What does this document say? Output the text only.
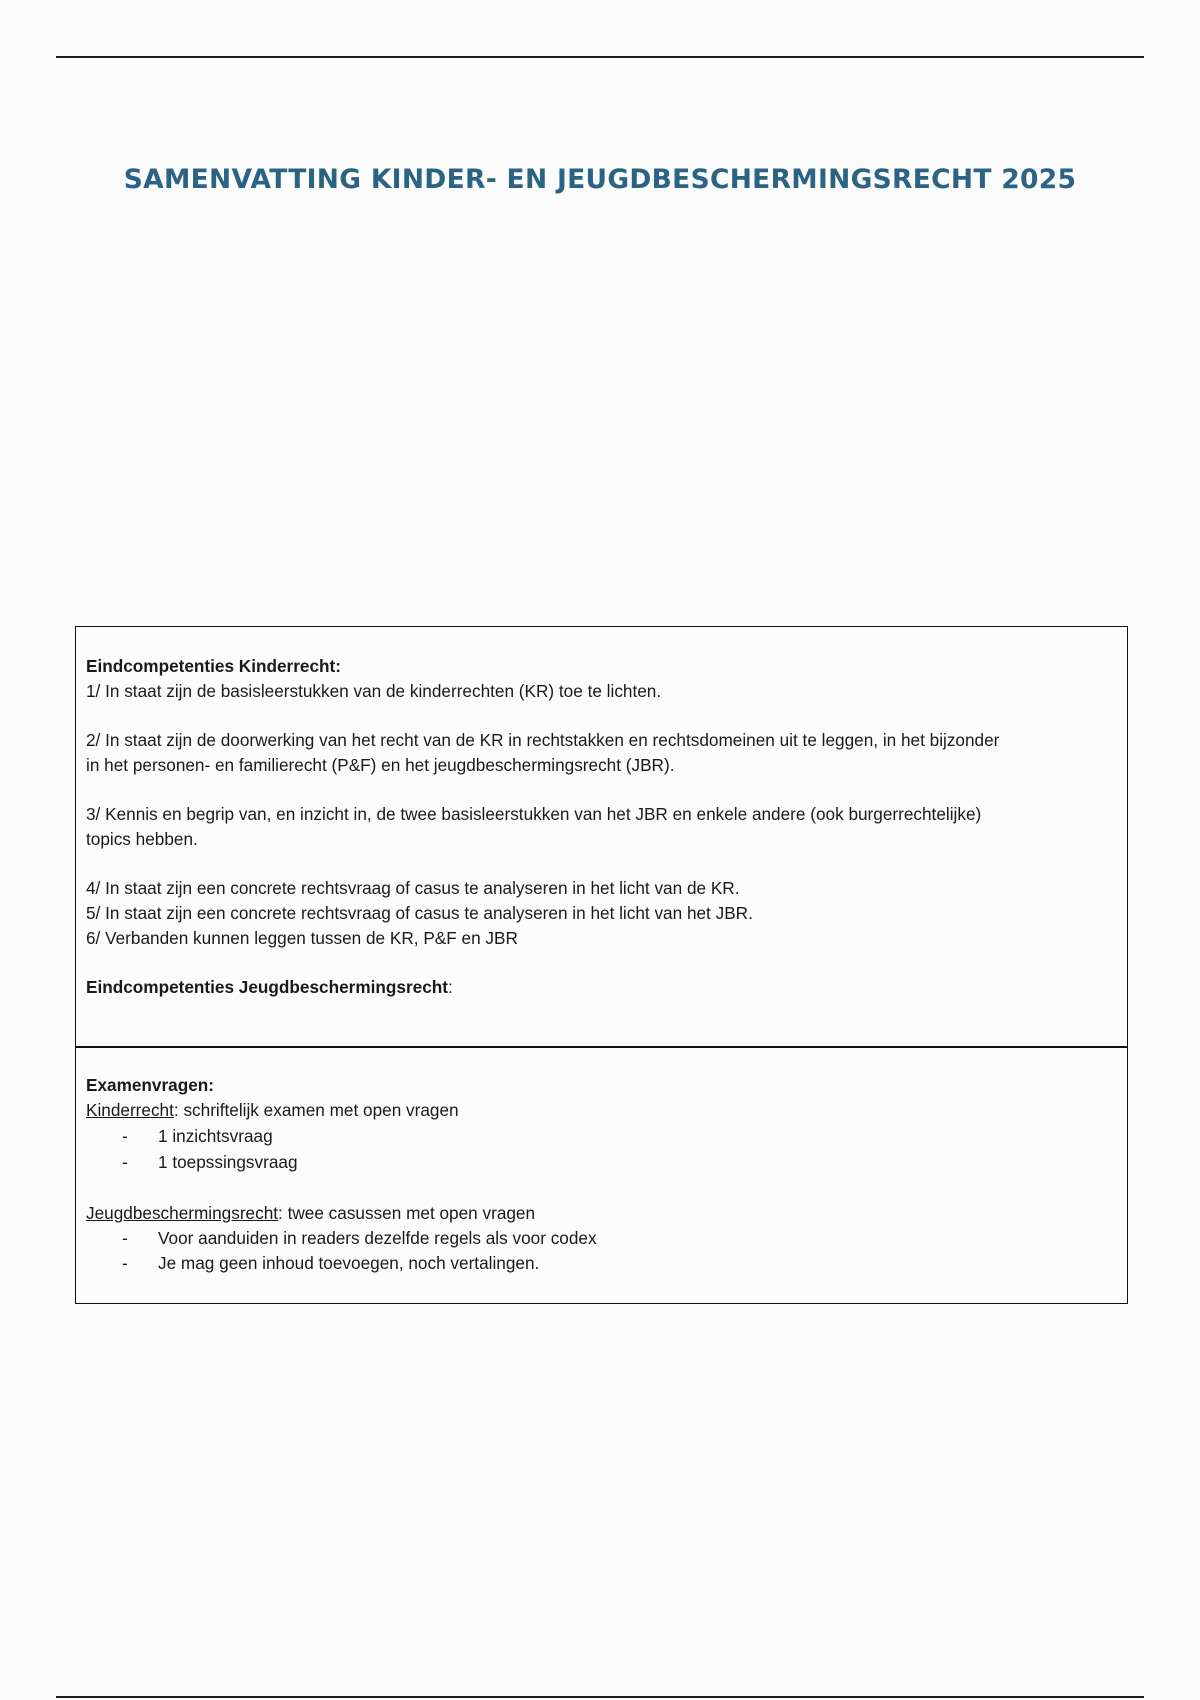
SAMENVATTING KINDER- EN JEUGDBESCHERMINGSRECHT 2025

Eindcompetenties Kinderrecht:

1/ In staat zijn de basisleerstukken van de kinderrechten (KR) toe te lichten.

2/ In staat zijn de doorwerking van het recht van de KR in rechtstakken en rechtsdomeinen uit te leggen, in het bijzonder

in het personen- en familierecht (P&F) en het jeugdbeschermingsrecht (JBR).

3/ Kennis en begrip van, en inzicht in, de twee basisleerstukken van het JBR en enkele andere (ook burgerrechtelijke)

topics hebben.

4/ In staat zijn een concrete rechtsvraag of casus te analyseren in het licht van de KR.

5/ In staat zijn een concrete rechtsvraag of casus te analyseren in het licht van het JBR.

6/ Verbanden kunnen leggen tussen de KR, P&F en JBR

Eindcompetenties Jeugdbeschermingsrecht:

Examenvragen:

Kinderrecht: schriftelijk examen met open vragen

- 1 inzichtsvraag
- 1 toepssingsvraag

Jeugdbeschermingsrecht: twee casussen met open vragen

- Voor aanduiden in readers dezelfde regels als voor codex
- Je mag geen inhoud toevoegen, noch vertalingen.
